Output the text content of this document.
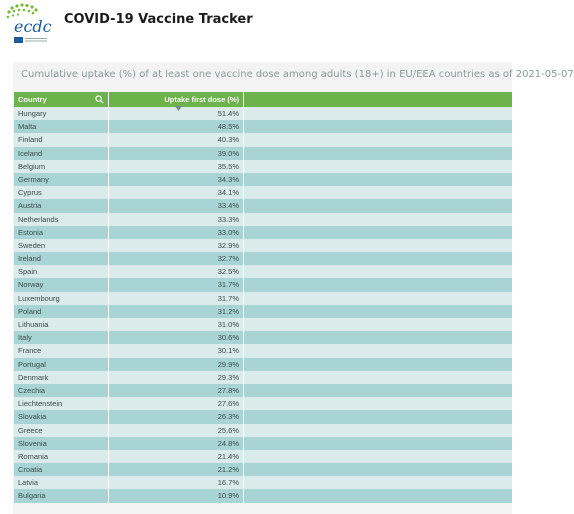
ecdc COVID-19 Vaccine Tracker
Cumulative uptake (%) of at least one vaccine dose among adults (18+) in EU/EEA countries as of 2021-05-07
Country	Uptake first dose (%)
Hungary	51.4%
Malta	48.5%
Finland	40.3%
Iceland	39.0%
Belgium	35.5%
Germany	34.3%
Cyprus	34.1%
Austria	33.4%
Netherlands	33.3%
Estonia	33.0%
Sweden	32.9%
Ireland	32.7%
Spain	32.5%
Norway	31.7%
Luxembourg	31.7%
Poland	31.2%
Lithuania	31.0%
Italy	30.6%
France	30.1%
Portugal	29.9%
Denmark	29.3%
Czechia	27.8%
Liechtenstein	27.6%
Slovakia	26.3%
Greece	25.6%
Slovenia	24.8%
Romania	21.4%
Croatia	21.2%
Latvia	16.7%
Bulgaria	10.9%
